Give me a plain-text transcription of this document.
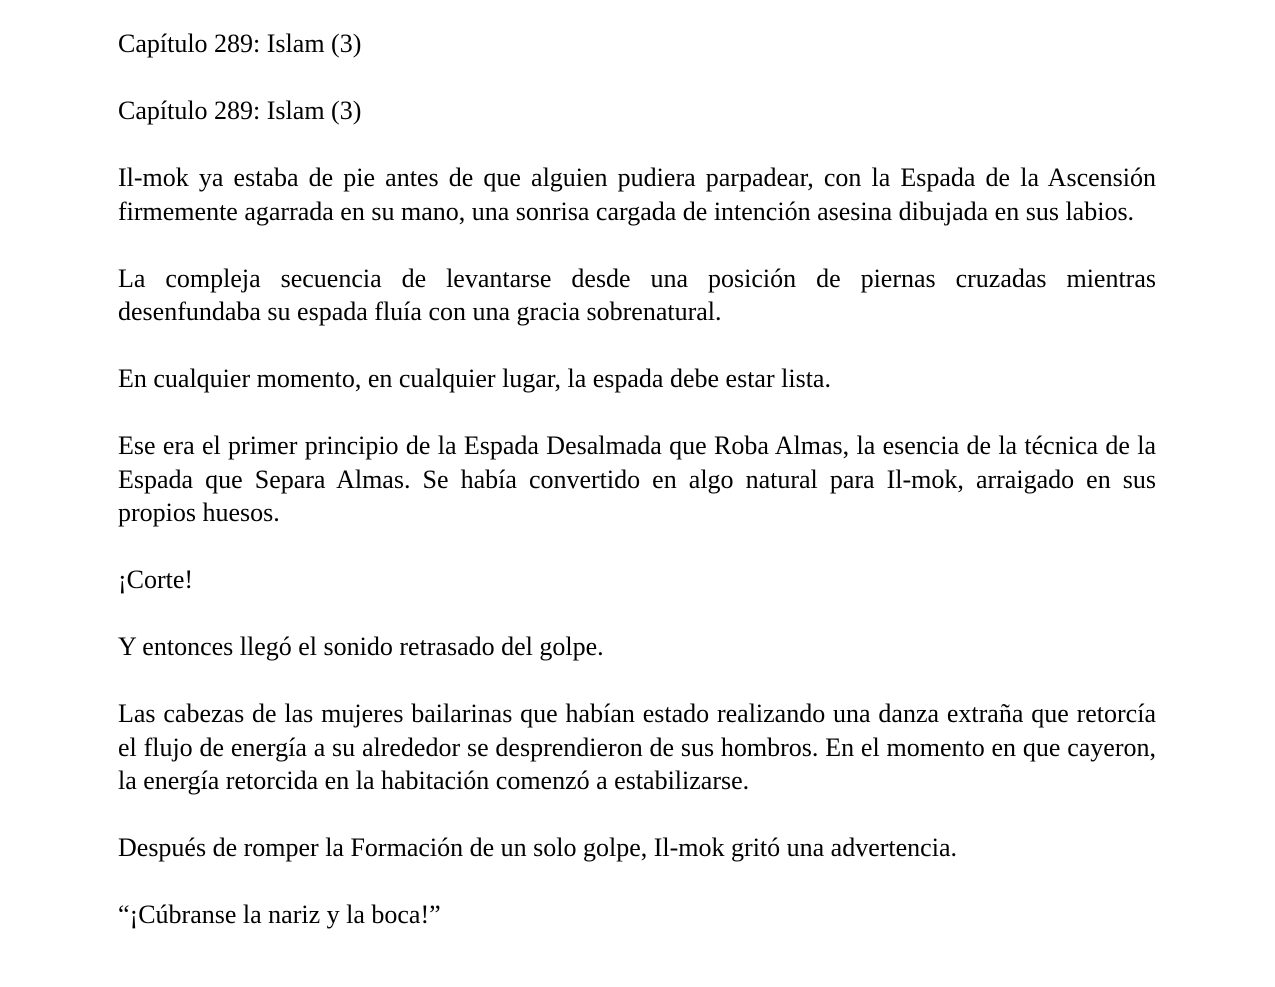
Capítulo 289: Islam (3)

Capítulo 289: Islam (3)

Il-mok ya estaba de pie antes de que alguien pudiera parpadear, con la Espada de la Ascensión firmemente agarrada en su mano, una sonrisa cargada de intención asesina dibujada en sus labios.

La compleja secuencia de levantarse desde una posición de piernas cruzadas mientras desenfundaba su espada fluía con una gracia sobrenatural.

En cualquier momento, en cualquier lugar, la espada debe estar lista.

Ese era el primer principio de la Espada Desalmada que Roba Almas, la esencia de la técnica de la Espada que Separa Almas. Se había convertido en algo natural para Il-mok, arraigado en sus propios huesos.

¡Corte!

Y entonces llegó el sonido retrasado del golpe.

Las cabezas de las mujeres bailarinas que habían estado realizando una danza extraña que retorcía el flujo de energía a su alrededor se desprendieron de sus hombros. En el momento en que cayeron, la energía retorcida en la habitación comenzó a estabilizarse.

Después de romper la Formación de un solo golpe, Il-mok gritó una advertencia.

“¡Cúbranse la nariz y la boca!”
